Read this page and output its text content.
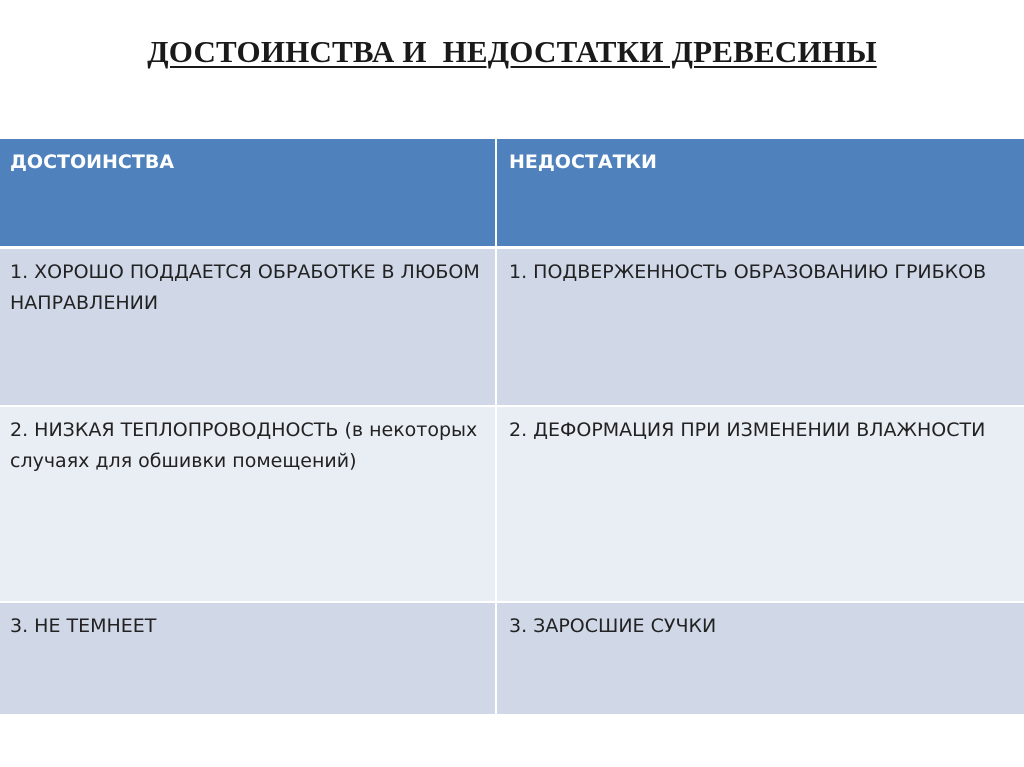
ДОСТОИНСТВА И  НЕДОСТАТКИ ДРЕВЕСИНЫ
ДОСТОИНСТВА	НЕДОСТАТКИ
1. ХОРОШО ПОДДАЕТСЯ ОБРАБОТКЕ В ЛЮБОМ НАПРАВЛЕНИИ
1. ПОДВЕРЖЕННОСТЬ ОБРАЗОВАНИЮ ГРИБКОВ
2. НИЗКАЯ ТЕПЛОПРОВОДНОСТЬ (в некоторых случаях для обшивки помещений)
2. ДЕФОРМАЦИЯ ПРИ ИЗМЕНЕНИИ ВЛАЖНОСТИ
3. НЕ ТЕМНЕЕТ	3. ЗАРОСШИЕ СУЧКИ
